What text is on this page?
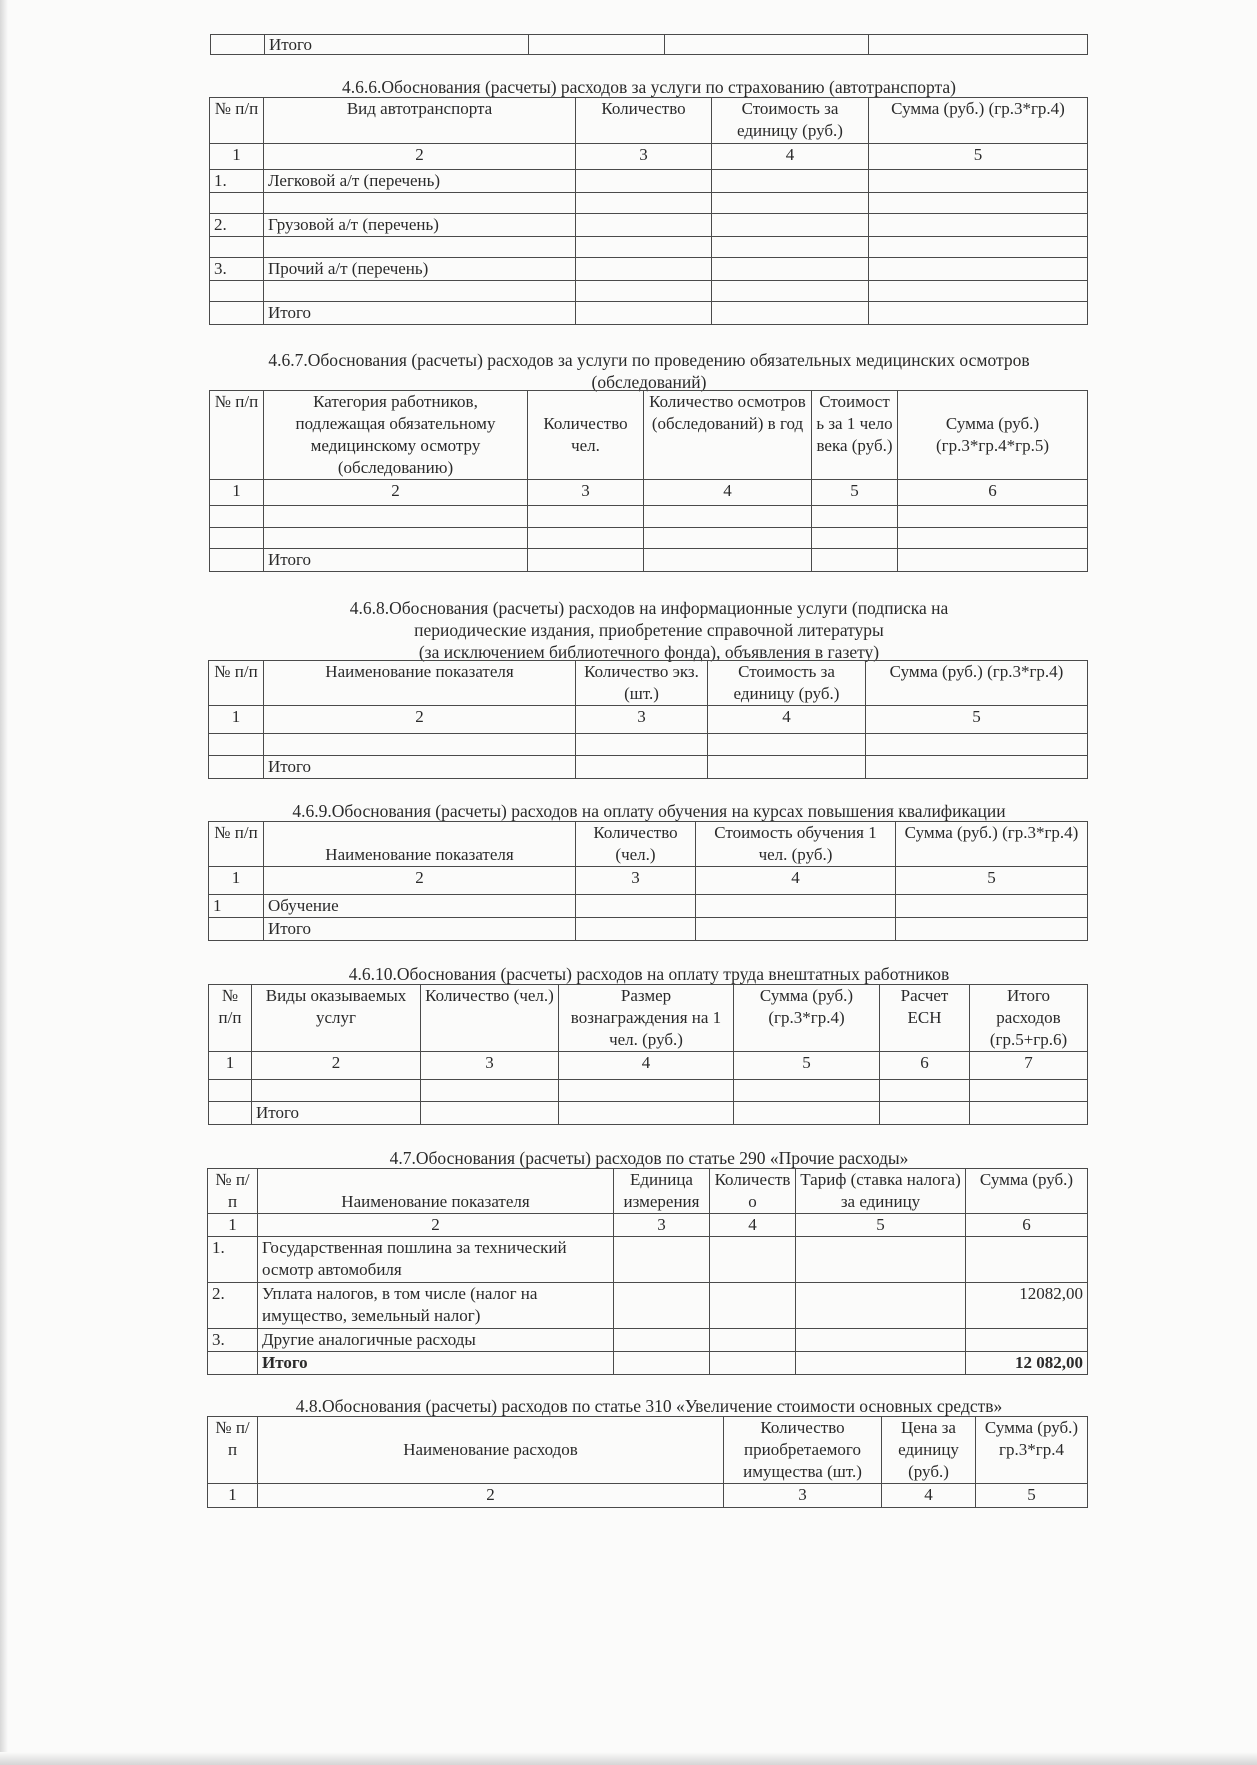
	Итого			
4.6.6.Обоснования (расчеты) расходов за услуги по страхованию (автотранспорта)
№ п/п	Вид автотранспорта	Количество	Стоимость за единицу (руб.)	Сумма (руб.) (гр.3*гр.4)
1	2	3	4	5
1.	Легковой а/т (перечень)			

2.	Грузовой а/т (перечень)			

3.	Прочий а/т (перечень)			

	Итого			
4.6.7.Обоснования (расчеты) расходов за услуги по проведению обязательных медицинских осмотров
(обследований)
№ п/п	Категория работников, подлежащая обязательному медицинскому осмотру (обследованию)	Количество чел.	Количество осмотров (обследований) в год	Стоимость за 1 человека (руб.)	Сумма (руб.) (гр.3*гр.4*гр.5)
1	2	3	4	5	6

	Итого				
4.6.8.Обоснования (расчеты) расходов на информационные услуги (подписка на
периодические издания, приобретение справочной литературы
(за исключением библиотечного фонда), объявления в газету)
№ п/п	Наименование показателя	Количество экз. (шт.)	Стоимость за единицу (руб.)	Сумма (руб.) (гр.3*гр.4)
1	2	3	4	5

	Итого			
4.6.9.Обоснования (расчеты) расходов на оплату обучения на курсах повышения квалификации
№ п/п	Наименование показателя	Количество (чел.)	Стоимость обучения 1 чел. (руб.)	Сумма (руб.) (гр.3*гр.4)
1	2	3	4	5
1	Обучение			
	Итого			
4.6.10.Обоснования (расчеты) расходов на оплату труда внештатных работников
№ п/п	Виды оказываемых услуг	Количество (чел.)	Размер вознаграждения на 1 чел. (руб.)	Сумма (руб.) (гр.3*гр.4)	Расчет ЕСН	Итого расходов (гр.5+гр.6)
1	2	3	4	5	6	7

	Итого					
4.7.Обоснования (расчеты) расходов по статье 290 «Прочие расходы»
№ п/п	Наименование показателя	Единица измерения	Количество	Тариф (ставка налога) за единицу	Сумма (руб.)
1	2	3	4	5	6
1.	Государственная пошлина за технический осмотр автомобиля				
2.	Уплата налогов, в том числе (налог на имущество, земельный налог)				12082,00
3.	Другие аналогичные расходы				
	Итого				12 082,00
4.8.Обоснования (расчеты) расходов по статье 310 «Увеличение стоимости основных средств»
№ п/п	Наименование расходов	Количество приобретаемого имущества (шт.)	Цена за единицу (руб.)	Сумма (руб.) гр.3*гр.4
1	2	3	4	5
